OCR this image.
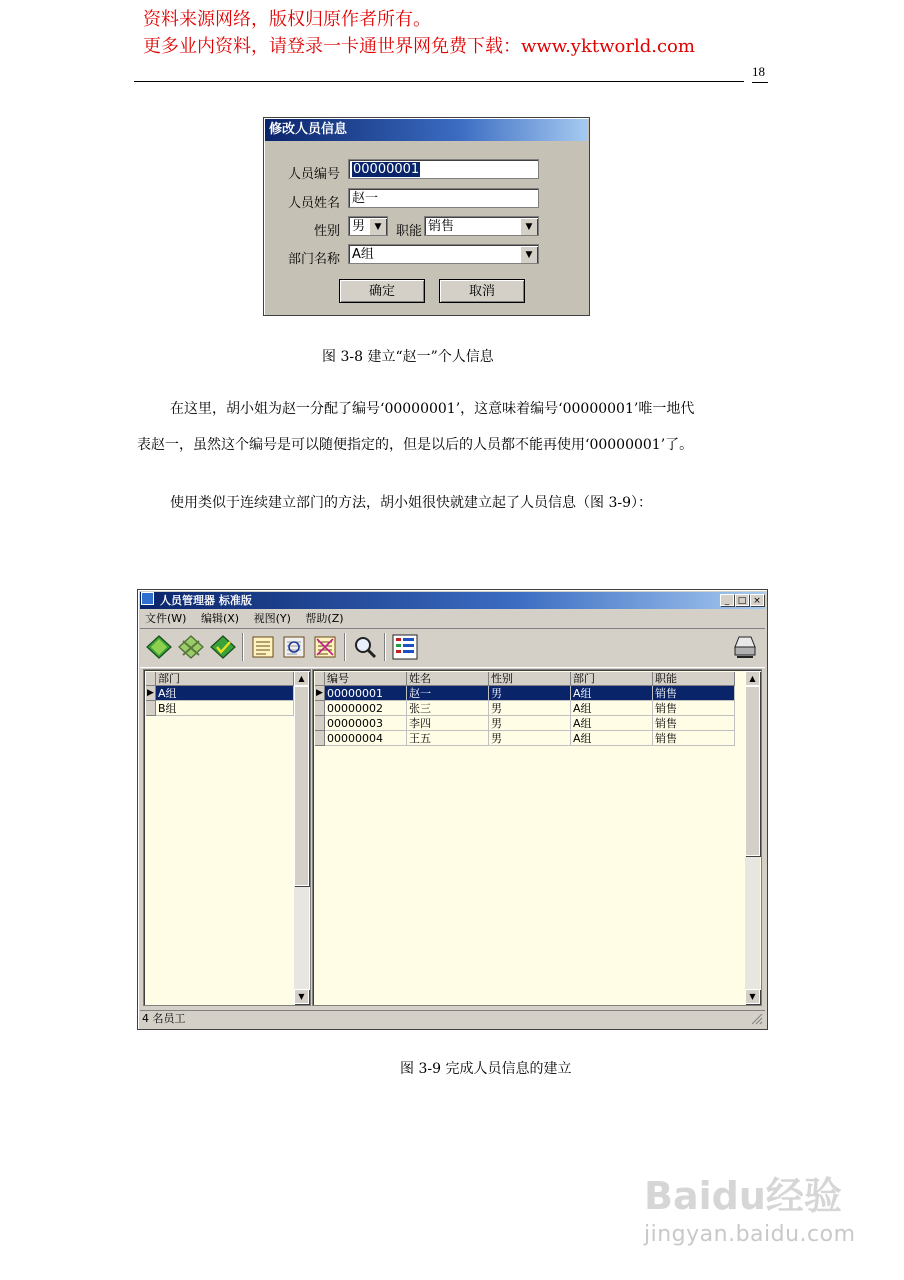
资料来源网络，版权归原作者所有。
更多业内资料，请登录一卡通世界网免费下载：www.yktworld.com
18
修改人员信息
人员编号	00000001
人员姓名 赵一
性别 男	▼	职能 销售	▼
部门名称 A组	▼
确定	取消
图 3-8 建立“赵一”个人信息
在这里，胡小姐为赵一分配了编号‘00000001’，这意味着编号‘00000001’唯一地代
表赵一，虽然这个编号是可以随便指定的，但是以后的人员都不能再使用‘00000001’了。
使用类似于连续建立部门的方法，胡小姐很快就建立起了人员信息（图 3-9）：
人员管理器 标准版	_ □ ×
文件(W) 编辑(X) 视图(Y) 帮助(Z)
部门
▶ A组
B组
▲
▼
编号	姓名	性别	部门	职能
▶ 00000001	赵一	男	A组	销售
00000002	张三	男	A组	销售
00000003	李四	男	A组	销售
00000004	王五	男	A组	销售
▲
▼
4 名员工
图 3-9 完成人员信息的建立
Baidu经验
jingyan.baidu.com
